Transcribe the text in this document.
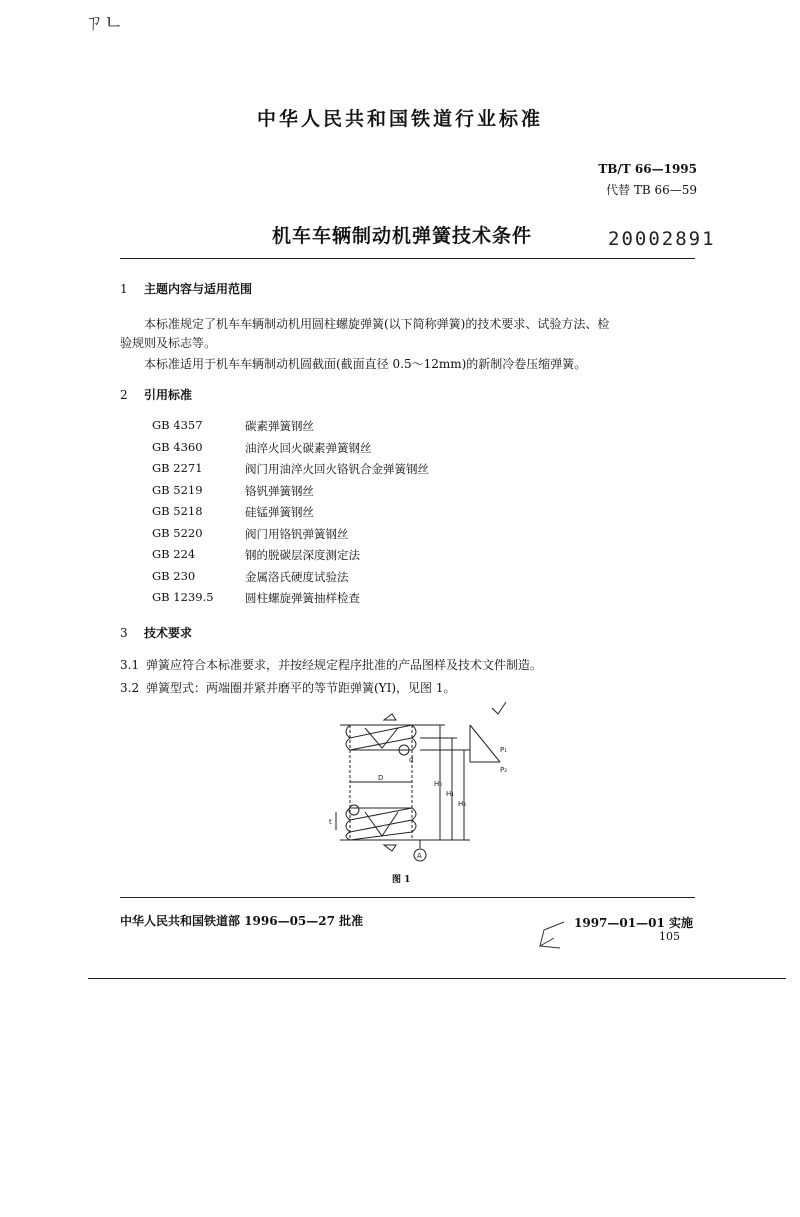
ㄗㄴ
中华人民共和国铁道行业标准
TB/T 66—1995
代替 TB 66—59
机车车辆制动机弹簧技术条件	20002891
1 主题内容与适用范围
本标准规定了机车车辆制动机用圆柱螺旋弹簧(以下简称弹簧)的技术要求、试验方法、检
验规则及标志等。
本标准适用于机车车辆制动机圆截面(截面直径 0.5～12mm)的新制冷卷压缩弹簧。
2 引用标准
GB 4357	碳素弹簧钢丝
GB 4360	油淬火回火碳素弹簧钢丝
GB 2271	阀门用油淬火回火铬钒合金弹簧钢丝
GB 5219	铬钒弹簧钢丝
GB 5218	硅锰弹簧钢丝
GB 5220	阀门用铬钒弹簧钢丝
GB 224	钢的脱碳层深度测定法
GB 230	金属洛氏硬度试验法
GB 1239.5	圆柱螺旋弹簧抽样检查
3 技术要求
3.1 弹簧应符合本标准要求，并按经规定程序批准的产品图样及技术文件制造。
3.2 弹簧型式：两端圈并紧并磨平的等节距弹簧(YI)，见图 1。
d
D
H₀
H₁
H₂
t
A
P₁
P₂
图 1
中华人民共和国铁道部 1996—05—27 批准	1997—01—01 实施
105
